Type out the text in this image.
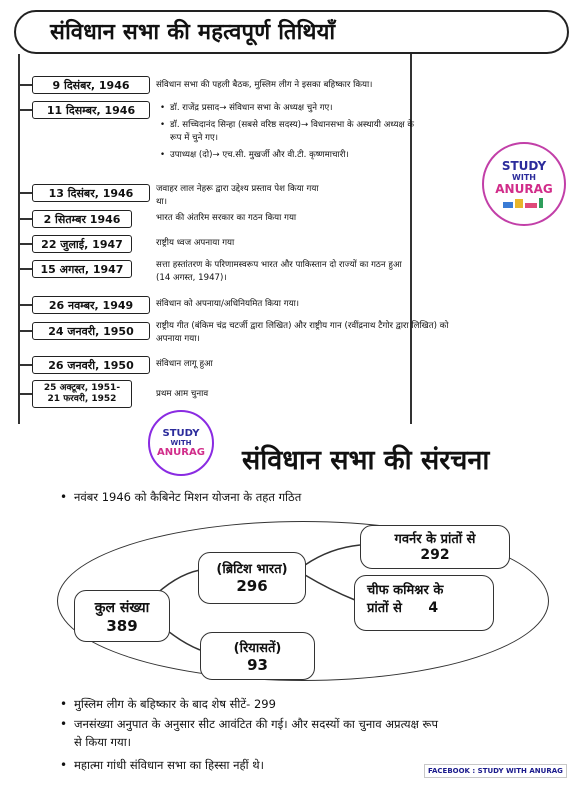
संविधान सभा की महत्वपूर्ण तिथियाँ
9 दिसंबर, 1946	संविधान सभा की पहली बैठक, मुस्लिम लीग ने इसका बहिष्कार किया।
11 दिसम्बर, 1946	• डॉ. राजेंद्र प्रसाद→ संविधान सभा के अध्यक्ष चुने गए।
• डॉ. सच्चिदानंद सिन्हा (सबसे वरिष्ठ सदस्य)→ विधानसभा के अस्थायी अध्यक्ष के
रूप में चुने गए।
• उपाध्यक्ष (दो)→ एच.सी. मुखर्जी और वी.टी. कृष्णमाचारी।
13 दिसंबर, 1946	जवाहर लाल नेहरू द्वारा उद्देश्य प्रस्ताव पेश किया गया
था।
2 सितम्बर 1946	भारत की अंतरिम सरकार का गठन किया गया
22 जुलाई, 1947	राष्ट्रीय ध्वज अपनाया गया
15 अगस्त, 1947	सत्ता हस्तांतरण के परिणामस्वरूप भारत और पाकिस्तान दो राज्यों का गठन हुआ
(14 अगस्त, 1947)।
26 नवम्बर, 1949	संविधान को अपनाया/अधिनियमित किया गया।
24 जनवरी, 1950	राष्ट्रीय गीत (बंकिम चंद्र चटर्जी द्वारा लिखित) और राष्ट्रीय गान (रवींद्रनाथ टैगोर द्वारा लिखित) को
अपनाया गया।
26 जनवरी, 1950	संविधान लागू हुआ
25 अक्टूबर, 1951-
21 फरवरी, 1952	प्रथम आम चुनाव
STUDY
WITH
ANURAG
STUDY
WITH
ANURAG संविधान सभा की संरचना
• नवंबर 1946 को कैबिनेट मिशन योजना के तहत गठित
कुल संख्या
389
(ब्रिटिश भारत)
296
(रियासतें)
93
गवर्नर के प्रांतों से
292
चीफ कमिश्नर के
प्रांतों से 4
• मुस्लिम लीग के बहिष्कार के बाद शेष सीटें- 299
• जनसंख्या अनुपात के अनुसार सीट आवंटित की गई। और सदस्यों का चुनाव अप्रत्यक्ष रूप
से किया गया।
• महात्मा गांधी संविधान सभा का हिस्सा नहीं थे।	FACEBOOK : STUDY WITH ANURAG
